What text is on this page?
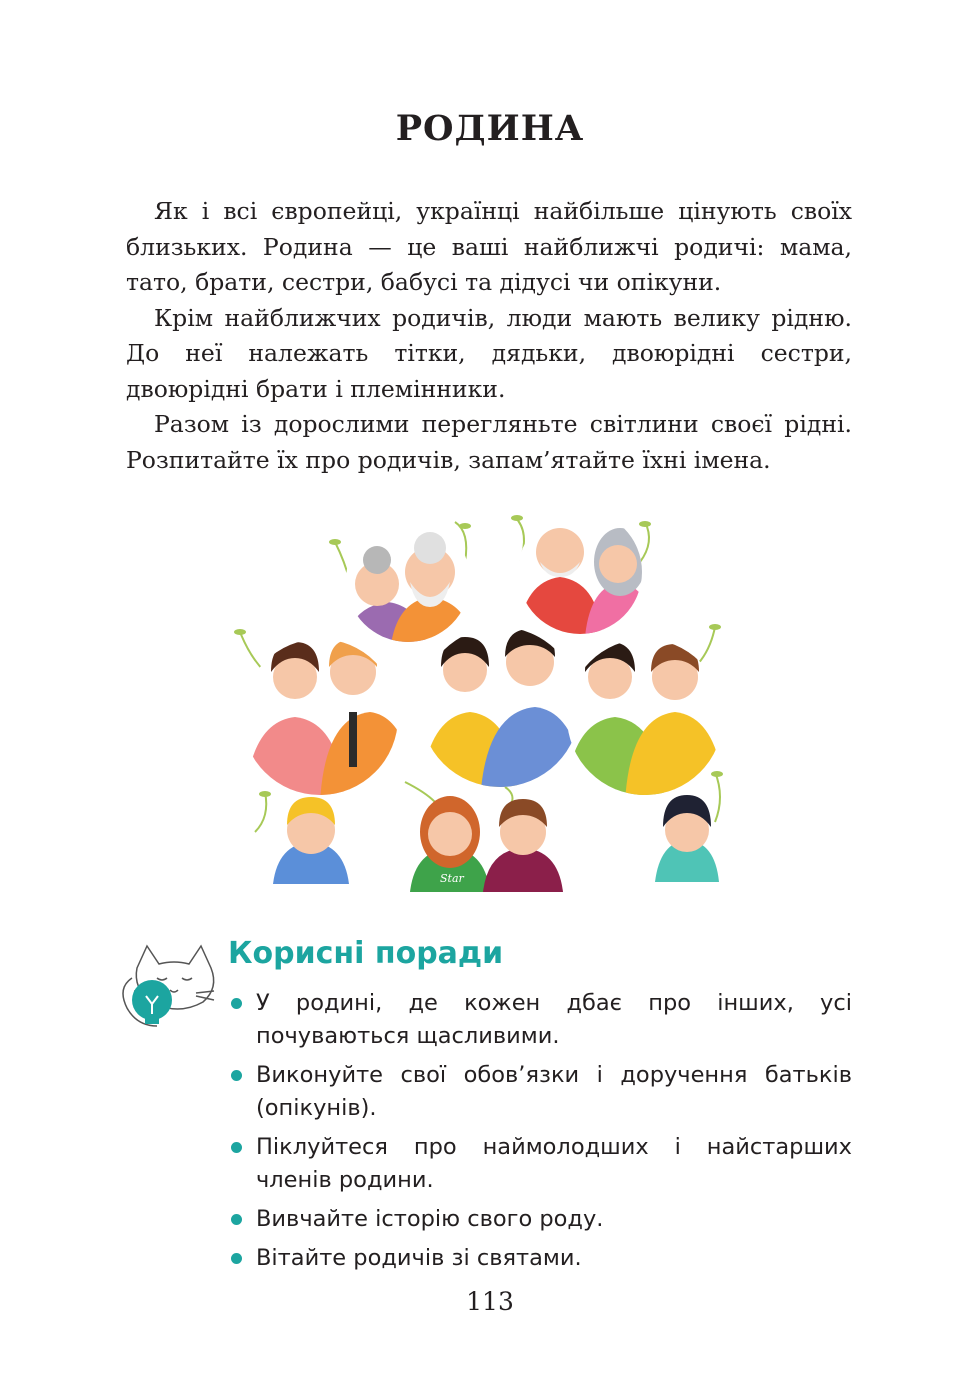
РОДИНА

Як і всі європейці, українці найбільше цінують своїх близьких. Родина — це ваші найближчі родичі: мама, тато, брати, сестри, бабусі та дідусі чи опікуни.

Крім найближчих родичів, люди мають велику рідню. До неї належать тітки, дядьки, двоюрідні сестри, двоюрідні брати і племінники.

Разом із дорослими перегляньте світлини своєї рідні. Розпитайте їх про родичів, запам’ятайте їхні імена.

Star
Корисні поради
У родині, де кожен дбає про інших, усі почуваються щасливими.
Виконуйте свої обов’язки і доручення батьків (опікунів).
Піклуйтеся про наймолодших і найстарших членів родини.
Вивчайте історію свого роду.
Вітайте родичів зі святами.
113
